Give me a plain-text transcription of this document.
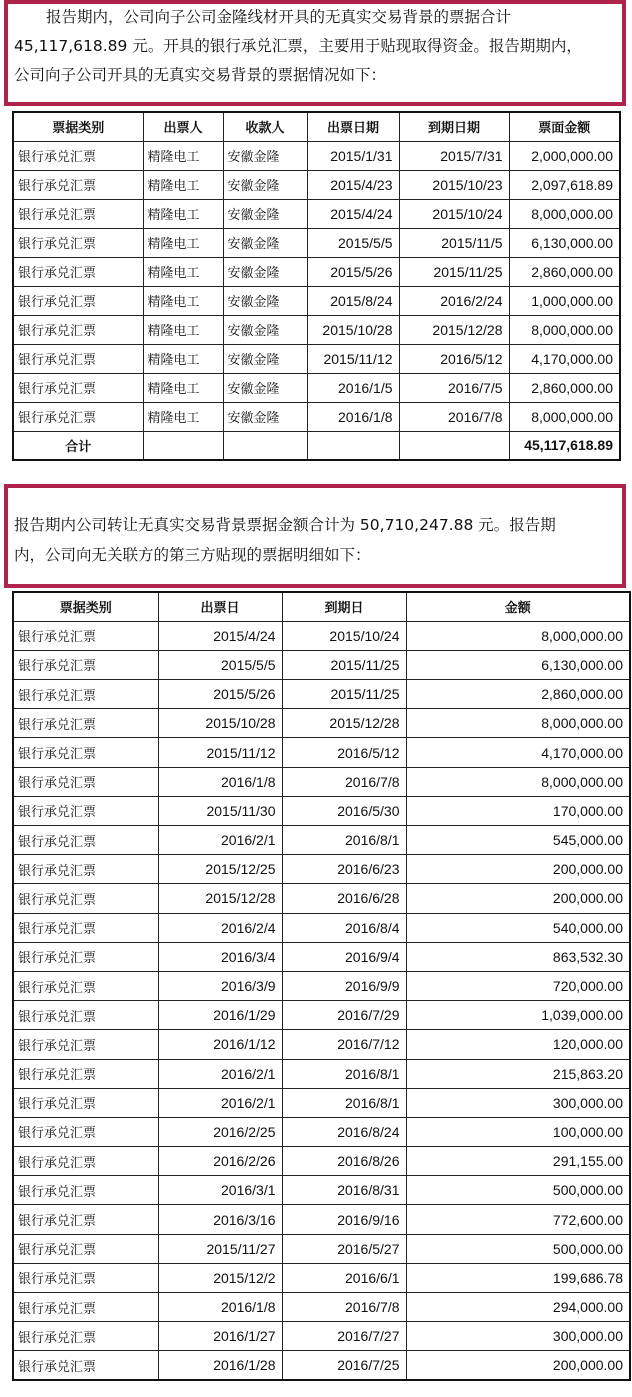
报告期内，公司向子公司金隆线材开具的无真实交易背景的票据合计
45,117,618.89 元。开具的银行承兑汇票，主要用于贴现取得资金。报告期期内，
公司向子公司开具的无真实交易背景的票据情况如下：
票据类别	出票人	收款人	出票日期	到期日期	票面金额
银行承兑汇票	精隆电工	安徽金隆	2015/1/31	2015/7/31	2,000,000.00
银行承兑汇票	精隆电工	安徽金隆	2015/4/23	2015/10/23	2,097,618.89
银行承兑汇票	精隆电工	安徽金隆	2015/4/24	2015/10/24	8,000,000.00
银行承兑汇票	精隆电工	安徽金隆	2015/5/5	2015/11/5	6,130,000.00
银行承兑汇票	精隆电工	安徽金隆	2015/5/26	2015/11/25	2,860,000.00
银行承兑汇票	精隆电工	安徽金隆	2015/8/24	2016/2/24	1,000,000.00
银行承兑汇票	精隆电工	安徽金隆	2015/10/28	2015/12/28	8,000,000.00
银行承兑汇票	精隆电工	安徽金隆	2015/11/12	2016/5/12	4,170,000.00
银行承兑汇票	精隆电工	安徽金隆	2016/1/5	2016/7/5	2,860,000.00
银行承兑汇票	精隆电工	安徽金隆	2016/1/8	2016/7/8	8,000,000.00
合计					45,117,618.89
报告期内公司转让无真实交易背景票据金额合计为 50,710,247.88 元。报告期
内，公司向无关联方的第三方贴现的票据明细如下：
票据类别	出票日	到期日	金额
银行承兑汇票	2015/4/24	2015/10/24	8,000,000.00
银行承兑汇票	2015/5/5	2015/11/25	6,130,000.00
银行承兑汇票	2015/5/26	2015/11/25	2,860,000.00
银行承兑汇票	2015/10/28	2015/12/28	8,000,000.00
银行承兑汇票	2015/11/12	2016/5/12	4,170,000.00
银行承兑汇票	2016/1/8	2016/7/8	8,000,000.00
银行承兑汇票	2015/11/30	2016/5/30	170,000.00
银行承兑汇票	2016/2/1	2016/8/1	545,000.00
银行承兑汇票	2015/12/25	2016/6/23	200,000.00
银行承兑汇票	2015/12/28	2016/6/28	200,000.00
银行承兑汇票	2016/2/4	2016/8/4	540,000.00
银行承兑汇票	2016/3/4	2016/9/4	863,532.30
银行承兑汇票	2016/3/9	2016/9/9	720,000.00
银行承兑汇票	2016/1/29	2016/7/29	1,039,000.00
银行承兑汇票	2016/1/12	2016/7/12	120,000.00
银行承兑汇票	2016/2/1	2016/8/1	215,863.20
银行承兑汇票	2016/2/1	2016/8/1	300,000.00
银行承兑汇票	2016/2/25	2016/8/24	100,000.00
银行承兑汇票	2016/2/26	2016/8/26	291,155.00
银行承兑汇票	2016/3/1	2016/8/31	500,000.00
银行承兑汇票	2016/3/16	2016/9/16	772,600.00
银行承兑汇票	2015/11/27	2016/5/27	500,000.00
银行承兑汇票	2015/12/2	2016/6/1	199,686.78
银行承兑汇票	2016/1/8	2016/7/8	294,000.00
银行承兑汇票	2016/1/27	2016/7/27	300,000.00
银行承兑汇票	2016/1/28	2016/7/25	200,000.00
